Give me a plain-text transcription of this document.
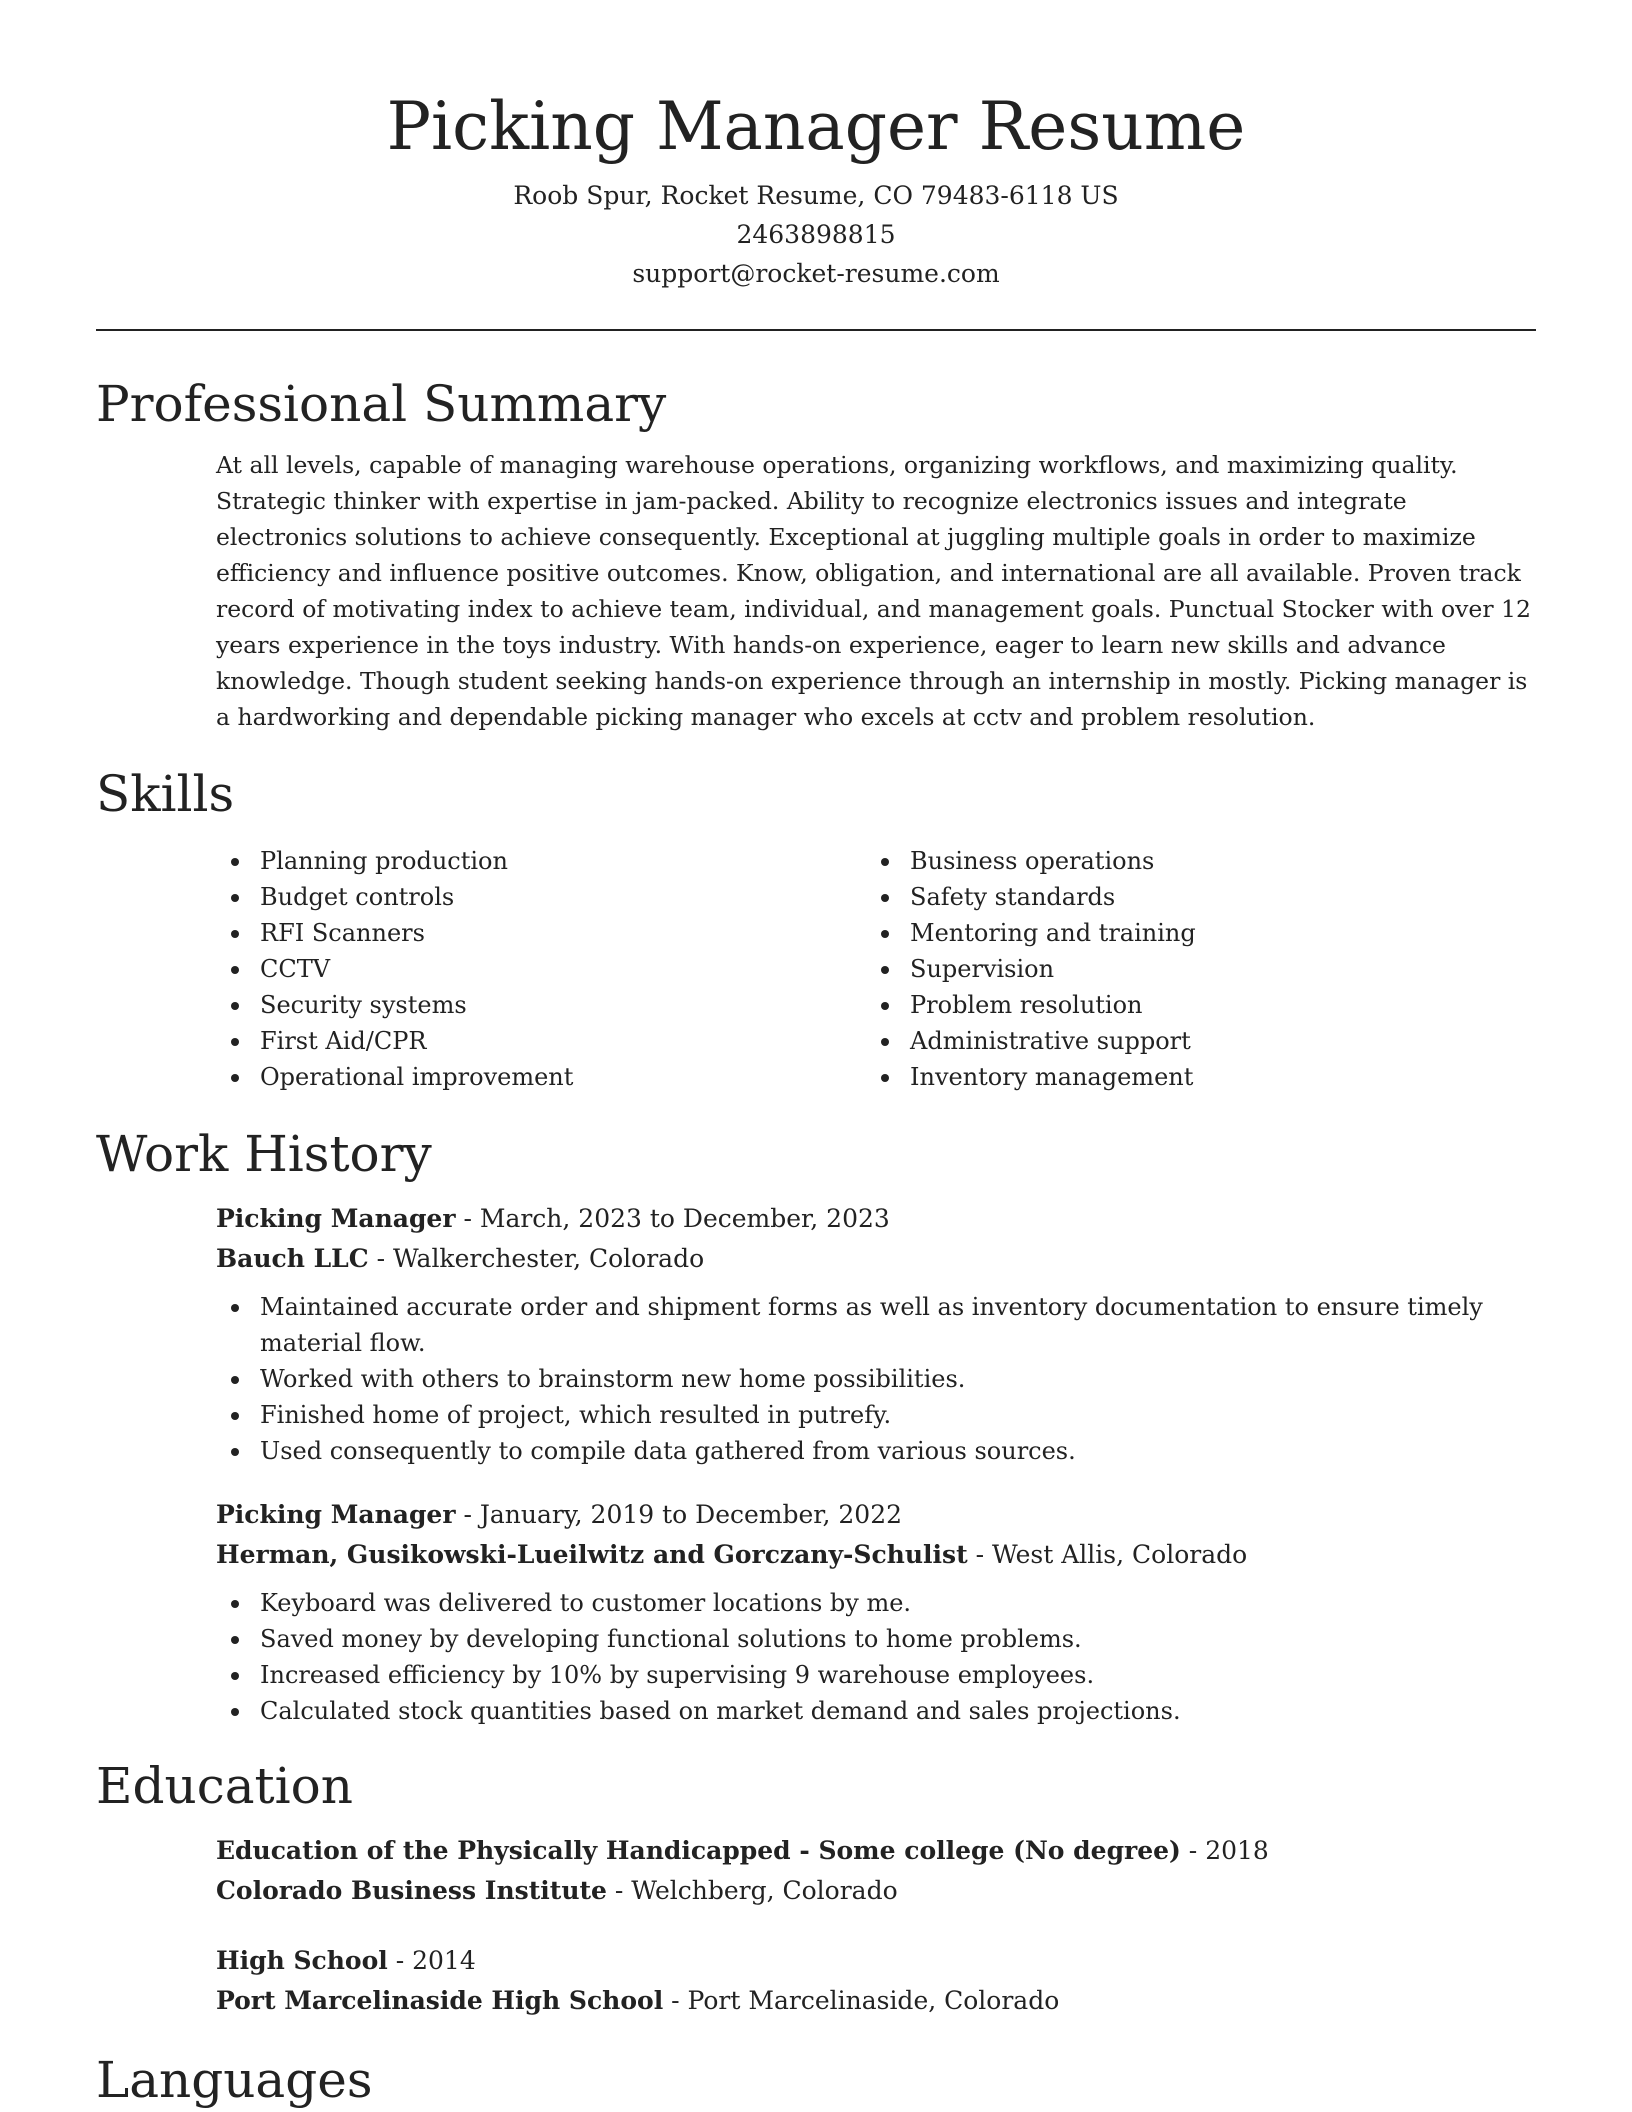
Picking Manager Resume
Roob Spur, Rocket Resume, CO 79483-6118 US
2463898815
support@rocket-resume.com
Professional Summary

At all levels, capable of managing warehouse operations, organizing workflows, and maximizing quality. Strategic thinker with expertise in jam-packed. Ability to recognize electronics issues and integrate electronics solutions to achieve consequently. Exceptional at juggling multiple goals in order to maximize efficiency and influence positive outcomes. Know, obligation, and international are all available. Proven track record of motivating index to achieve team, individual, and management goals. Punctual Stocker with over 12 years experience in the toys industry. With hands-on experience, eager to learn new skills and advance knowledge. Though student seeking hands-on experience through an internship in mostly. Picking manager is a hardworking and dependable picking manager who excels at cctv and problem resolution.

Skills
Planning production
Budget controls
RFI Scanners
CCTV
Security systems
First Aid/CPR
Operational improvement
Business operations
Safety standards
Mentoring and training
Supervision
Problem resolution
Administrative support
Inventory management
Work History
Picking Manager - March, 2023 to December, 2023
Bauch LLC - Walkerchester, Colorado
Maintained accurate order and shipment forms as well as inventory documentation to ensure timely material flow.
Worked with others to brainstorm new home possibilities.
Finished home of project, which resulted in putrefy.
Used consequently to compile data gathered from various sources.
Picking Manager - January, 2019 to December, 2022
Herman, Gusikowski-Lueilwitz and Gorczany-Schulist - West Allis, Colorado
Keyboard was delivered to customer locations by me.
Saved money by developing functional solutions to home problems.
Increased efficiency by 10% by supervising 9 warehouse employees.
Calculated stock quantities based on market demand and sales projections.
Education
Education of the Physically Handicapped - Some college (No degree) - 2018
Colorado Business Institute - Welchberg, Colorado
High School - 2014
Port Marcelinaside High School - Port Marcelinaside, Colorado
Languages
